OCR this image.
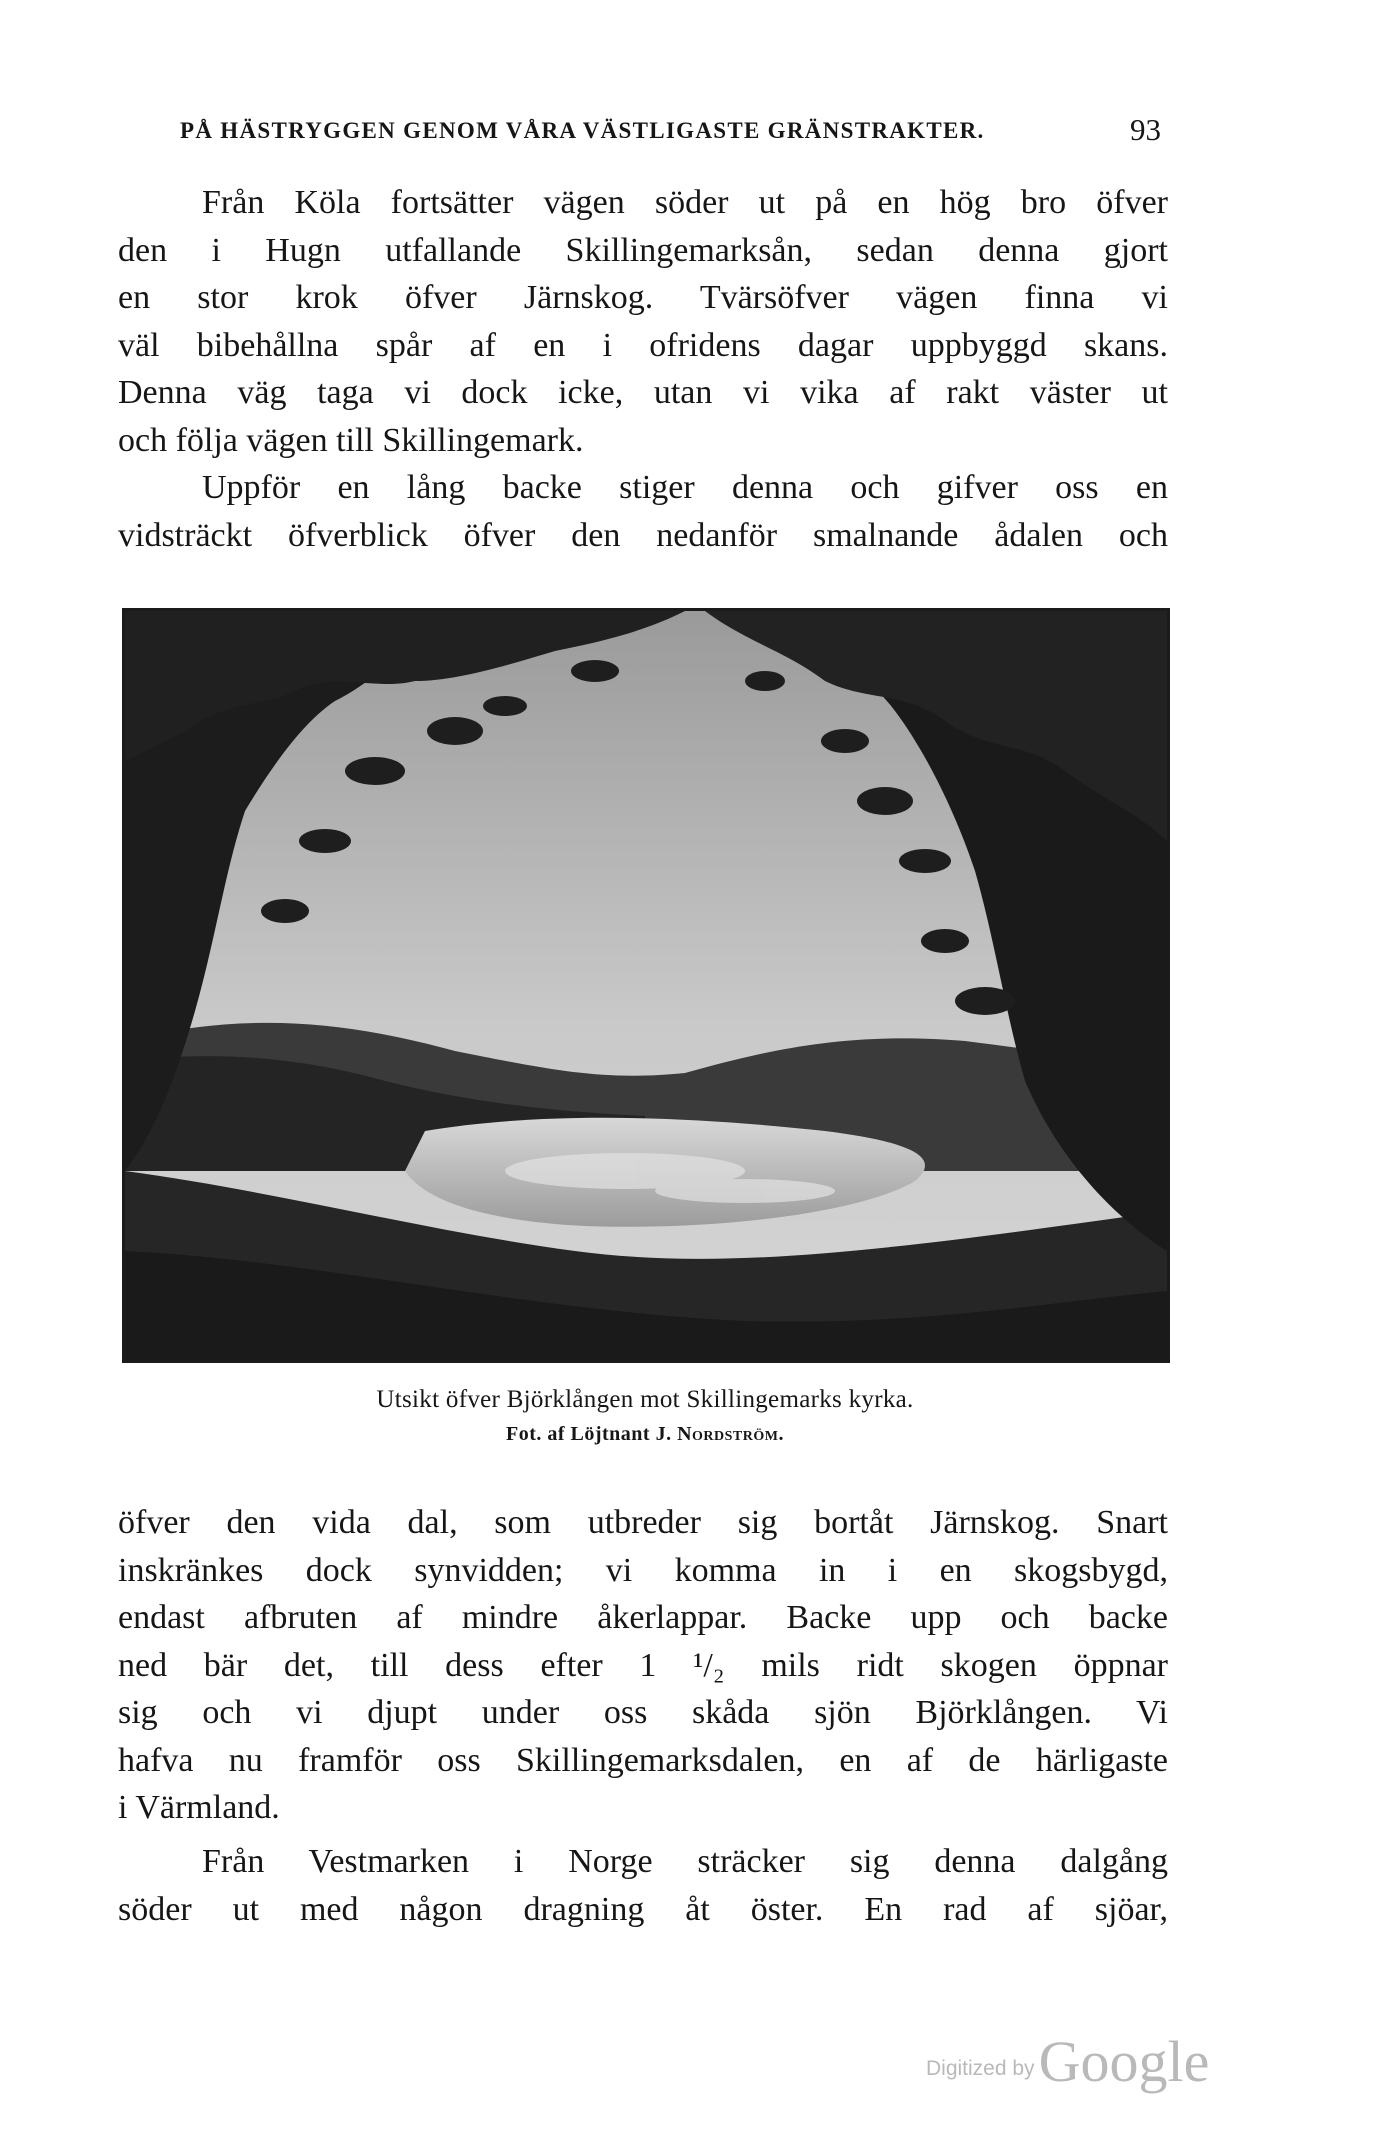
PÅ HÄSTRYGGEN GENOM VÅRA VÄSTLIGASTE GRÄNSTRAKTER.	93

Från Köla fortsätter vägen söder ut på en hög bro öfver
den i Hugn utfallande Skillingemarksån, sedan denna gjort
en stor krok öfver Järnskog. Tvärsöfver vägen finna vi
väl bibehållna spår af en i ofridens dagar uppbyggd skans.
Denna väg taga vi dock icke, utan vi vika af rakt väster ut
och följa vägen till Skillingemark.

Uppför en lång backe stiger denna och gifver oss en
vidsträckt öfverblick öfver den nedanför smalnande ådalen och

Utsikt öfver Björklången mot Skillingemarks kyrka.
Fot. af Löjtnant J. Nordström.

öfver den vida dal, som utbreder sig bortåt Järnskog. Snart
inskränkes dock synvidden; vi komma in i en skogsbygd,
endast afbruten af mindre åkerlappar. Backe upp och backe
ned bär det, till dess efter 1 ¹/₂ mils ridt skogen öppnar
sig och vi djupt under oss skåda sjön Björklången. Vi
hafva nu framför oss Skillingemarksdalen, en af de härligaste
i Värmland.

Från Vestmarken i Norge sträcker sig denna dalgång
söder ut med någon dragning åt öster. En rad af sjöar,

Digitized byGoogle
